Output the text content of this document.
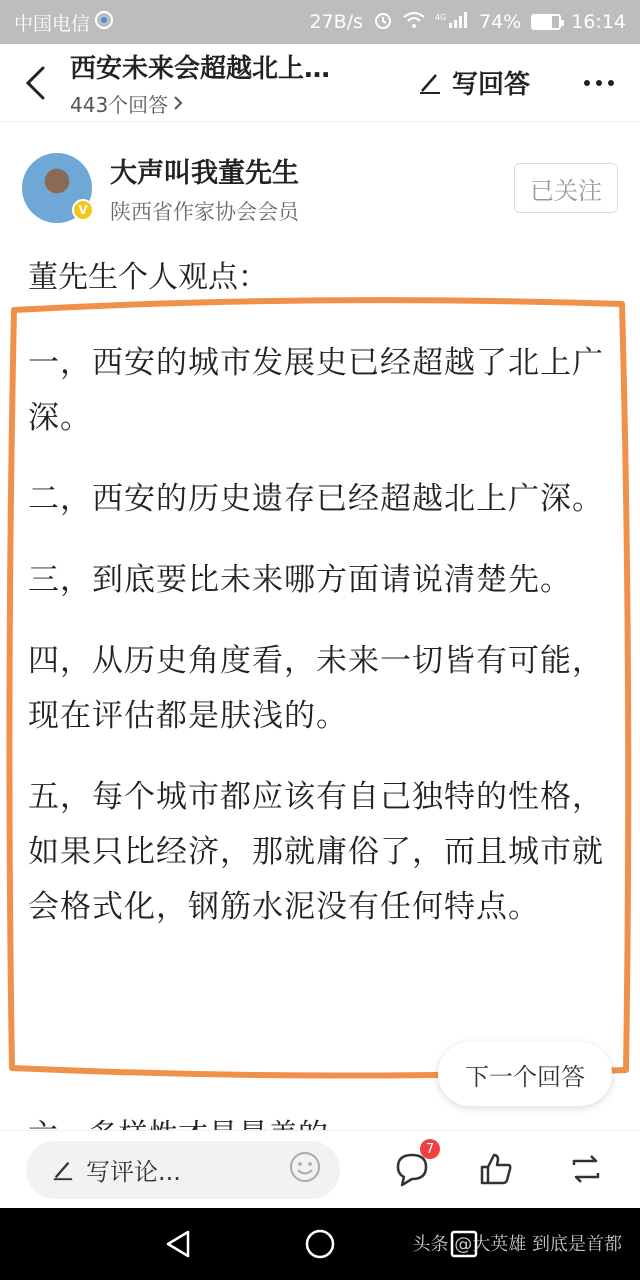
中国电信	27B/s	4G 74%	16:14
西安未来会超越北上…
443个回答
写回答
V
大声叫我董先生
陕西省作家协会会员
已关注
董先生个人观点：

一，西安的城市发展史已经超越了北上广深。

二，西安的历史遗存已经超越北上广深。

三，到底要比未来哪方面请说清楚先。

四，从历史角度看，未来一切皆有可能，现在评估都是肤浅的。

五，每个城市都应该有自己独特的性格，如果只比经济，那就庸俗了，而且城市就会格式化，钢筋水泥没有任何特点。

下一个回答
写评论...
7
头条 @大英雄 到底是首都
